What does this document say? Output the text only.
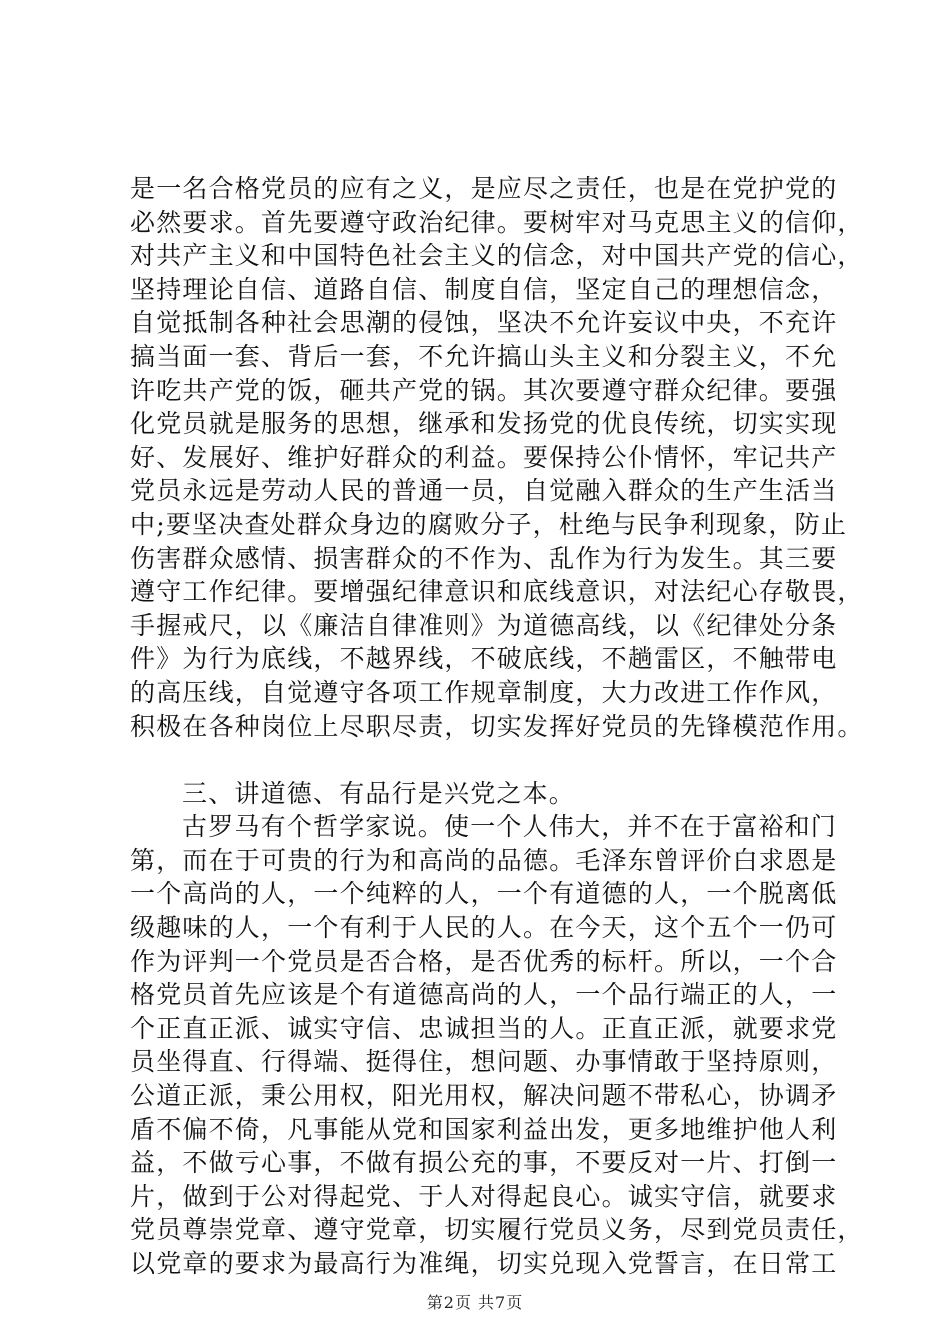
是一名合格党员的应有之义，是应尽之责任，也是在党护党的
必然要求。首先要遵守政治纪律。要树牢对马克思主义的信仰，
对共产主义和中国特色社会主义的信念，对中国共产党的信心，
坚持理论自信、道路自信、制度自信，坚定自己的理想信念，
自觉抵制各种社会思潮的侵蚀，坚决不允许妄议中央，不充许
搞当面一套、背后一套，不允许搞山头主义和分裂主义，不允
许吃共产党的饭，砸共产党的锅。其次要遵守群众纪律。要强
化党员就是服务的思想，继承和发扬党的优良传统，切实实现
好、发展好、维护好群众的利益。要保持公仆情怀，牢记共产
党员永远是劳动人民的普通一员，自觉融入群众的生产生活当
中;要坚决查处群众身边的腐败分子，杜绝与民争利现象，防止
伤害群众感情、损害群众的不作为、乱作为行为发生。其三要
遵守工作纪律。要增强纪律意识和底线意识，对法纪心存敬畏，
手握戒尺，以《廉洁自律准则》为道德高线，以《纪律处分条
件》为行为底线，不越界线，不破底线，不趟雷区，不触带电
的高压线，自觉遵守各项工作规章制度，大力改进工作作风，
积极在各种岗位上尽职尽责，切实发挥好党员的先锋模范作用。
三、讲道德、有品行是兴党之本。
古罗马有个哲学家说。使一个人伟大，并不在于富裕和门
第，而在于可贵的行为和高尚的品德。毛泽东曾评价白求恩是
一个高尚的人，一个纯粹的人，一个有道德的人，一个脱离低
级趣味的人，一个有利于人民的人。在今天，这个五个一仍可
作为评判一个党员是否合格，是否优秀的标杆。所以，一个合
格党员首先应该是个有道德高尚的人，一个品行端正的人，一
个正直正派、诚实守信、忠诚担当的人。正直正派，就要求党
员坐得直、行得端、挺得住，想问题、办事情敢于坚持原则，
公道正派，秉公用权，阳光用权，解决问题不带私心，协调矛
盾不偏不倚，凡事能从党和国家利益出发，更多地维护他人利
益，不做亏心事，不做有损公充的事，不要反对一片、打倒一
片，做到于公对得起党、于人对得起良心。诚实守信，就要求
党员尊崇党章、遵守党章，切实履行党员义务，尽到党员责任，
以党章的要求为最高行为准绳，切实兑现入党誓言，在日常工
第2页 共7页
